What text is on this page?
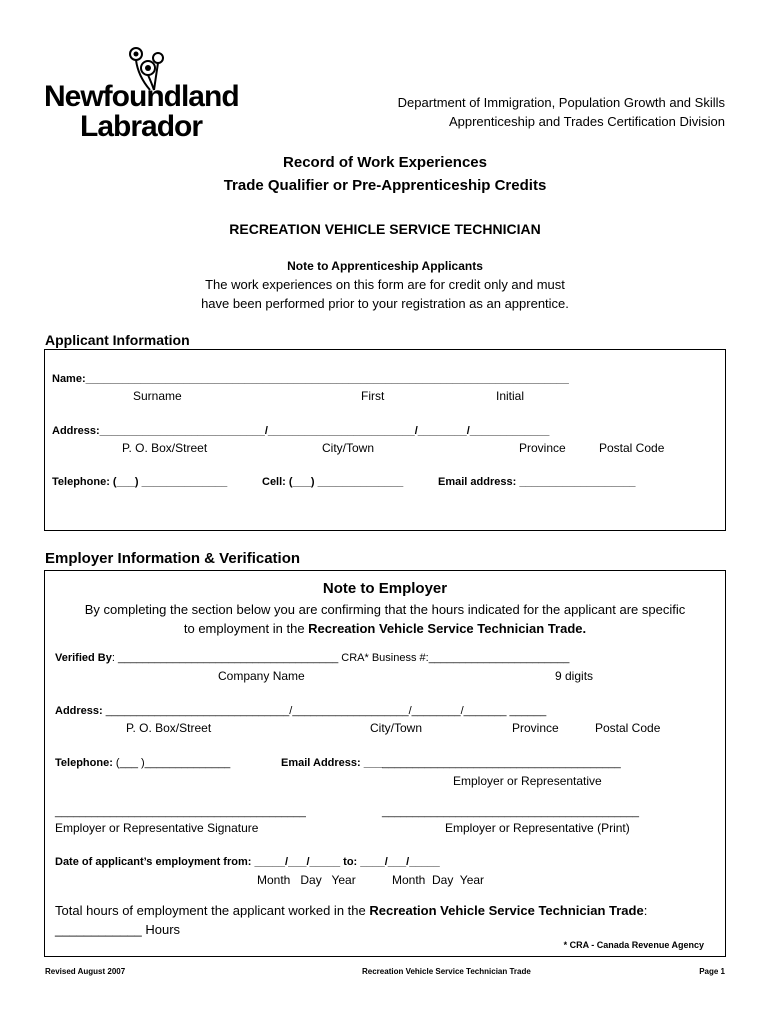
Newfoundland
Labrador
Department of Immigration, Population Growth and Skills
Apprenticeship and Trades Certification Division
Record of Work Experiences
Trade Qualifier or Pre-Apprenticeship Credits
RECREATION VEHICLE SERVICE TECHNICIAN
Note to Apprenticeship Applicants
The work experiences on this form are for credit only and must
have been performed prior to your registration as an apprentice.
Applicant Information
Name:_______________________________________________________________________________
Surname	First	Initial
Address:___________________________/________________________/________/_____________
P. O. Box/Street	City/Town	Province	Postal Code
Telephone: (___) ______________	Cell: (___) ______________	Email address: ___________________
Employer Information & Verification
Note to Employer
By completing the section below you are confirming that the hours indicated for the applicant are specific
to employment in the Recreation Vehicle Service Technician Trade.
Verified By: ____________________________________ CRA* Business #:_______________________
Company Name	9 digits
Address: ______________________________/___________________/________/_______ ______
P. O. Box/Street	City/Town	Province	Postal Code
Telephone: (___ )______________	Email Address: __________________________________________
Employer or Representative
_________________________________________	__________________________________________
Employer or Representative Signature	Employer or Representative (Print)
Date of applicant’s employment from: _____/___/_____ to: ____/___/_____
Month   Day   Year	Month  Day  Year
Total hours of employment the applicant worked in the Recreation Vehicle Service Technician Trade:
____________ Hours
* CRA - Canada Revenue Agency
Revised August 2007	Recreation Vehicle Service Technician Trade	Page 1
